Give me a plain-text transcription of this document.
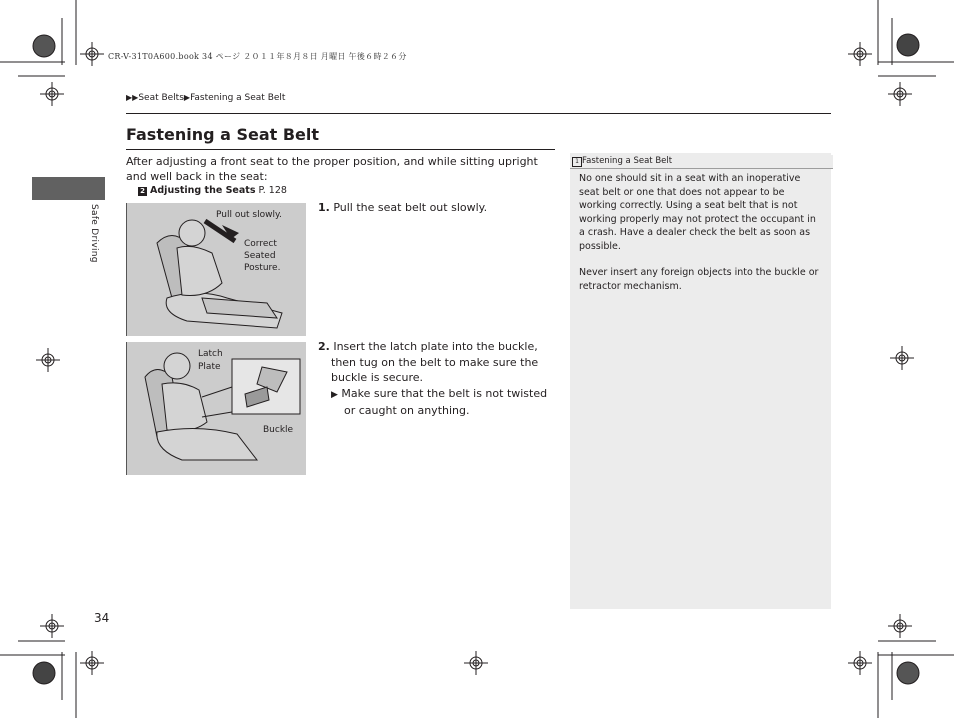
CR-V-31T0A600.book 34 ページ ２０１１年８月８日 月曜日 午後６時２６分
▶▶Seat Belts▶Fastening a Seat Belt
Fastening a Seat Belt
After adjusting a front seat to the proper position, and while sitting upright and well back in the seat:
2 Adjusting the Seats P. 128
Safe Driving	Pull out slowly.
Correct
Seated
Posture.
Latch
Plate
Buckle
1. Pull the seat belt out slowly.
2. Insert the latch plate into the buckle, then tug on the belt to make sure the buckle is secure.
▶ Make sure that the belt is not twisted or caught on anything.
1 Fastening a Seat Belt

No one should sit in a seat with an inoperative seat belt or one that does not appear to be working correctly. Using a seat belt that is not working properly may not protect the occupant in a crash. Have a dealer check the belt as soon as possible.

Never insert any foreign objects into the buckle or retractor mechanism.

34
